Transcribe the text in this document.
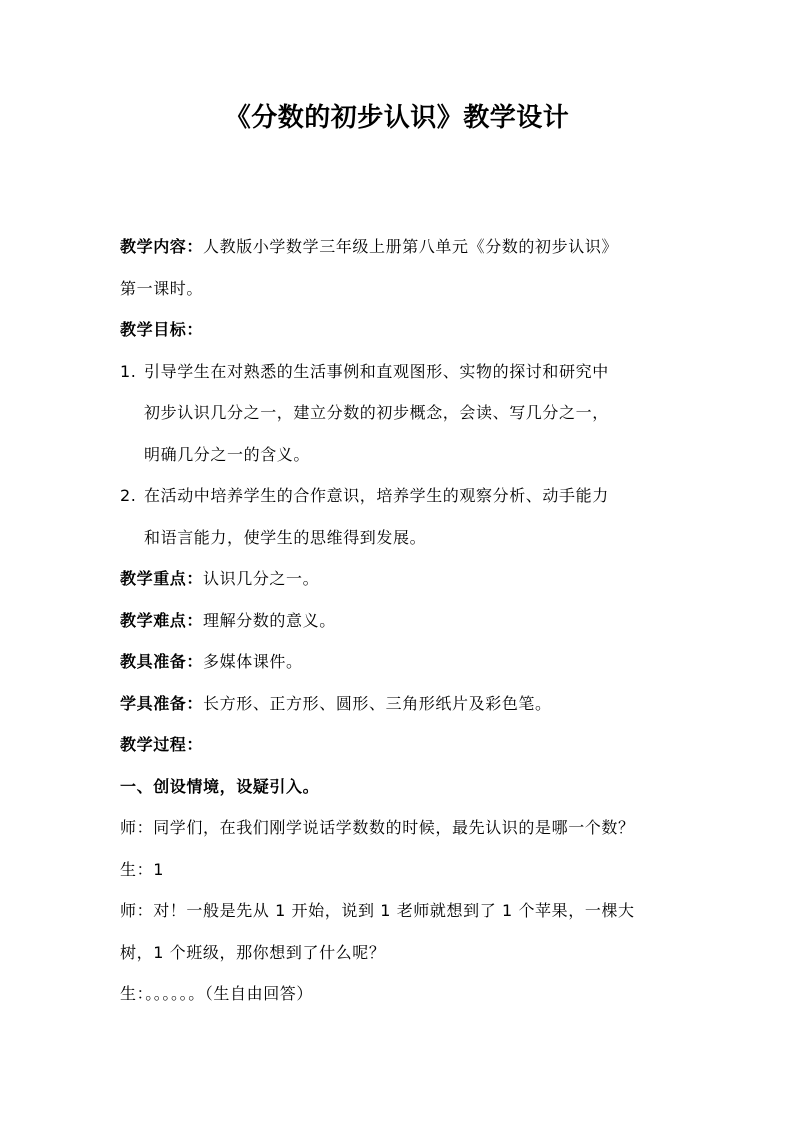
《分数的初步认识》教学设计

教学内容：人教版小学数学三年级上册第八单元《分数的初步认识》

第一课时。

教学目标：

1. 引导学生在对熟悉的生活事例和直观图形、实物的探讨和研究中
初步认识几分之一，建立分数的初步概念，会读、写几分之一，
明确几分之一的含义。
2. 在活动中培养学生的合作意识，培养学生的观察分析、动手能力
和语言能力，使学生的思维得到发展。

教学重点：认识几分之一。

教学难点：理解分数的意义。

教具准备：多媒体课件。

学具准备：长方形、正方形、圆形、三角形纸片及彩色笔。

教学过程：

一、创设情境，设疑引入。

师：同学们，在我们刚学说话学数数的时候，最先认识的是哪一个数？

生：1

师：对！一般是先从 1 开始，说到 1 老师就想到了 1 个苹果，一棵大

树，1 个班级，那你想到了什么呢？

生：。。。。。。（生自由回答）
